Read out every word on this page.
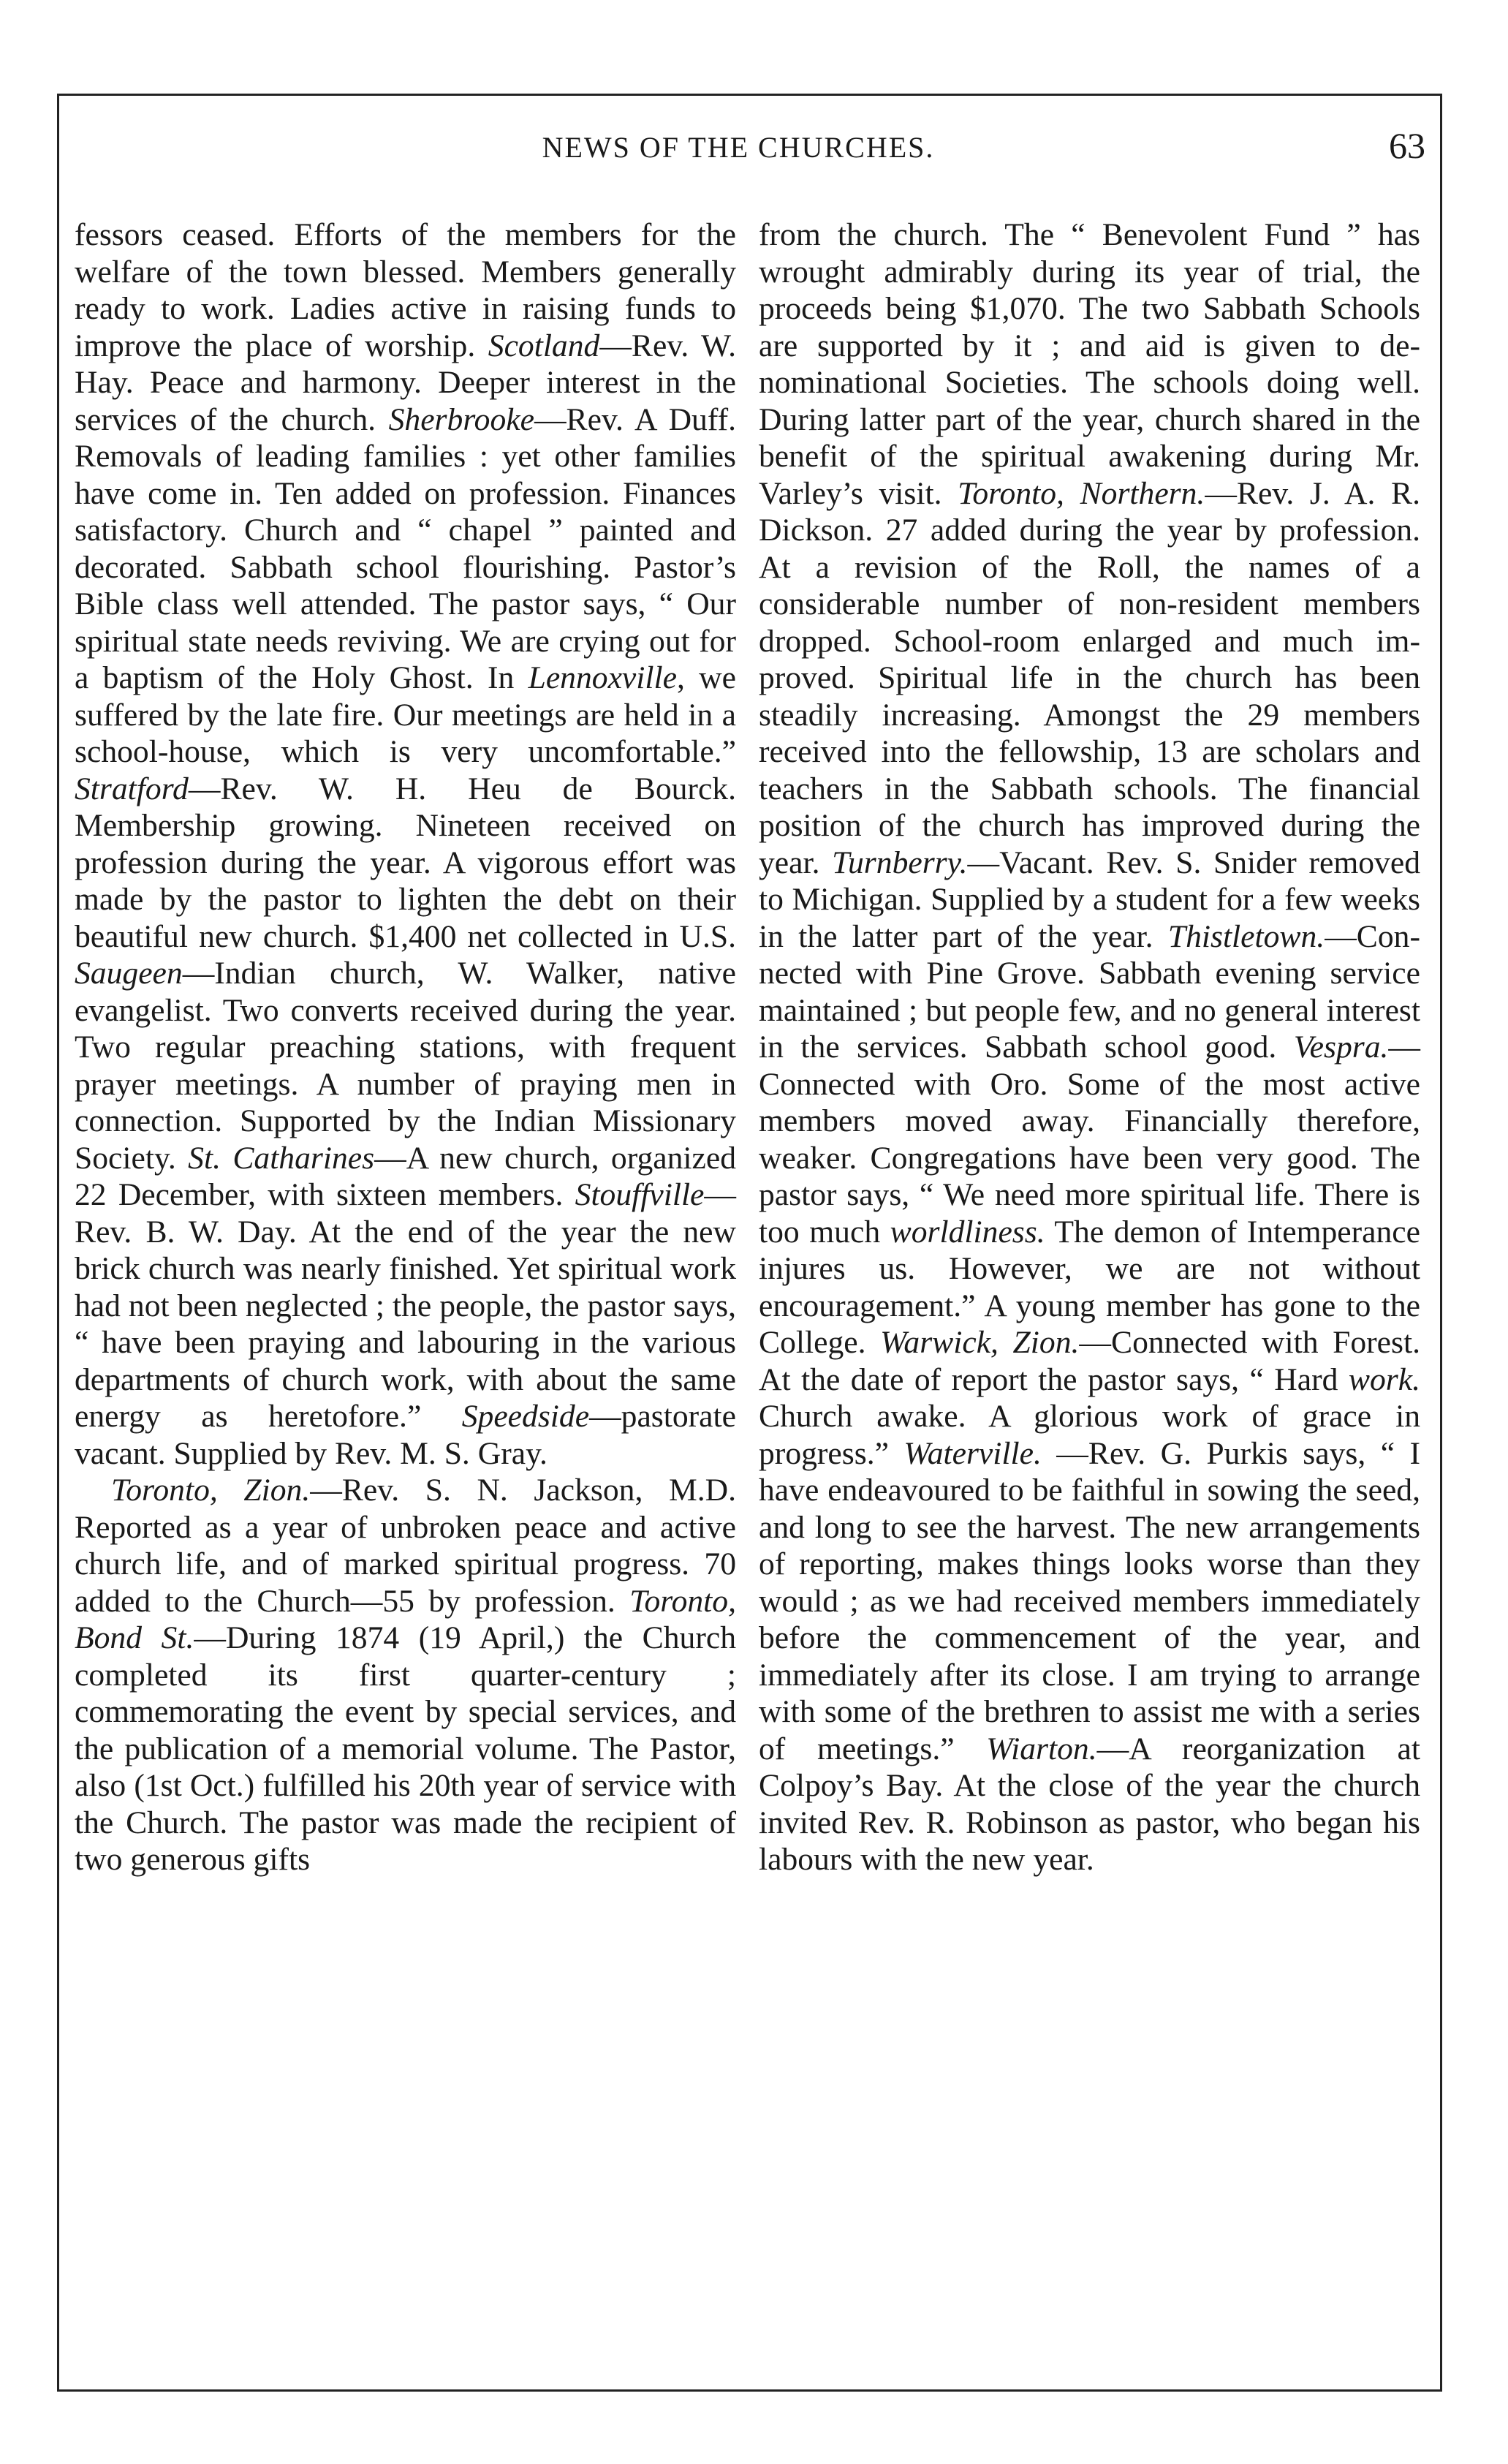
NEWS OF THE CHURCHES.	63

fessors ceased. Efforts of the members for the welfare of the town blessed. Members generally ready to work. Ladies active in raising funds to improve the place of worship. Scotland—Rev. W. Hay. Peace and harmony. Deeper interest in the services of the church. Sherbrooke—Rev. A Duff. Removals of leading families : yet other families have come in. Ten added on profession. Finances satisfactory. Church and “ chapel ” painted and decorated. Sabbath school flourishing. Pastor’s Bible class well attended. The pastor says, “ Our spiritual state needs reviving. We are crying out for a baptism of the Holy Ghost. In Lennoxville, we suffered by the late fire. Our meetings are held in a school-house, which is very uncomfortable.” Stratford—Rev. W. H. Heu de Bourck. Membership growing. Nineteen received on profession during the year. A vigorous effort was made by the pastor to lighten the debt on their beautiful new church. $1,400 net collected in U.S. Saugeen—Indian church, W. Walker, native evangelist. Two converts received during the year. Two regular preaching stations, with frequent prayer meetings. A number of praying men in connection. Supported by the Indian Missionary Society. St. Catharines—A new church, organized 22 December, with sixteen members. Stouffville—Rev. B. W. Day. At the end of the year the new brick church was nearly finished. Yet spiritual work had not been neglected ; the people, the pastor says, “ have been praying and labouring in the various departments of church work, with about the same energy as heretofore.” Speedside—pastorate vacant. Supplied by Rev. M. S. Gray.

Toronto, Zion.—Rev. S. N. Jackson, M.D. Reported as a year of unbroken peace and active church life, and of marked spiritual progress. 70 added to the Church—55 by profession. Toronto, Bond St.—During 1874 (19 April,) the Church completed its first quarter-century ; commemorating the event by special services, and the publication of a memorial volume. The Pastor, also (1st Oct.) fulfilled his 20th year of service with the Church. The pastor was made the recipient of two generous gifts

from the church. The “ Benevolent Fund ” has wrought admirably during its year of trial, the proceeds being $1,070. The two Sabbath Schools are supported by it ; and aid is given to denominational Societies. The schools doing well. During latter part of the year, church shared in the benefit of the spiritual awakening during Mr. Varley’s visit. Toronto, Northern.—Rev. J. A. R. Dickson. 27 added during the year by profession. At a revision of the Roll, the names of a considerable number of non-resident members dropped. School-room enlarged and much improved. Spiritual life in the church has been steadily increasing. Amongst the 29 members received into the fellowship, 13 are scholars and teachers in the Sabbath schools. The financial position of the church has improved during the year. Turnberry.—Vacant. Rev. S. Snider removed to Michigan. Supplied by a student for a few weeks in the latter part of the year. Thistletown.—Connected with Pine Grove. Sabbath evening service maintained ; but people few, and no general interest in the services. Sabbath school good. Vespra.—Connected with Oro. Some of the most active members moved away. Financially therefore, weaker. Congregations have been very good. The pastor says, “ We need more spiritual life. There is too much worldliness. The demon of Intemperance injures us. However, we are not without encouragement.” A young member has gone to the College. Warwick, Zion.—Connected with Forest. At the date of report the pastor says, “ Hard work. Church awake. A glorious work of grace in progress.” Waterville. —Rev. G. Purkis says, “ I have endeavoured to be faithful in sowing the seed, and long to see the harvest. The new arrangements of reporting, makes things looks worse than they would ; as we had received members immediately before the commencement of the year, and immediately after its close. I am trying to arrange with some of the brethren to assist me with a series of meetings.” Wiarton.—A reorganization at Colpoy’s Bay. At the close of the year the church invited Rev. R. Robinson as pastor, who began his labours with the new year.
